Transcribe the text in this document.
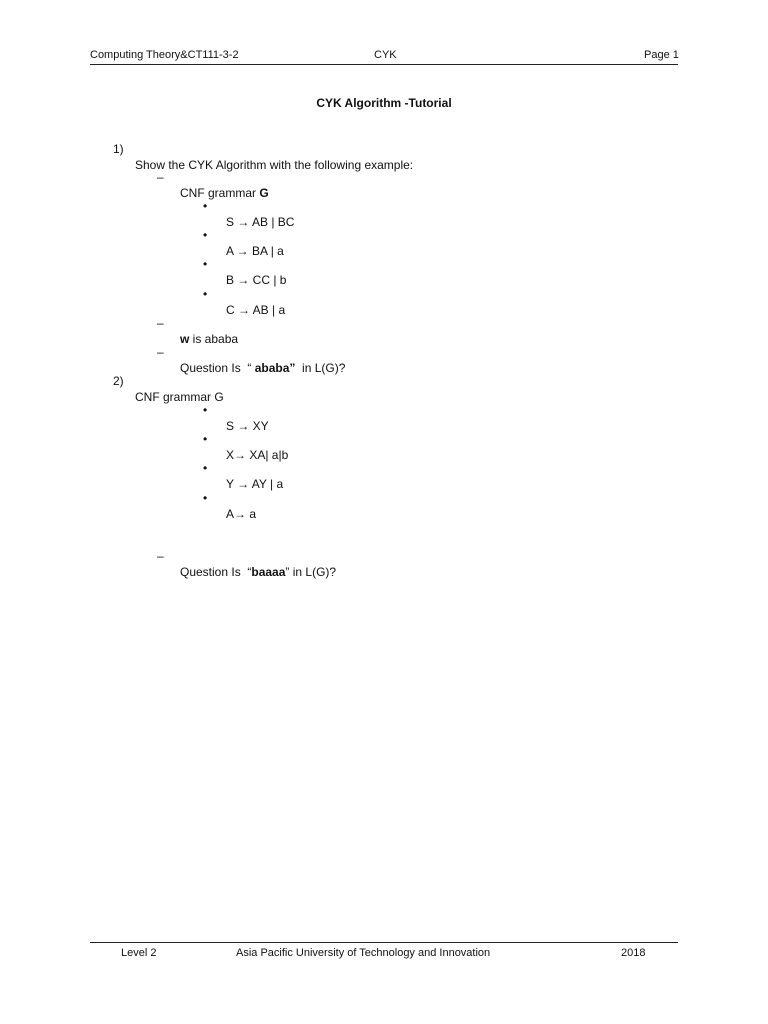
Computing Theory&CT111-3-2	CYK	Page 1
CYK Algorithm -Tutorial

1)

Show the CYK Algorithm with the following example:

–

CNF grammar G

•

S → AB | BC

•

A → BA | a

•

B → CC | b

•

C → AB | a

–

w is ababa

–

Question Is  “ ababa”  in L(G)?

2)

CNF grammar G

•

S → XY

•

X→ XA| a|b

•

Y → AY | a

•

A→ a

–

Question Is  “baaaa” in L(G)?

Level 2	Asia Pacific University of Technology and Innovation	2018
